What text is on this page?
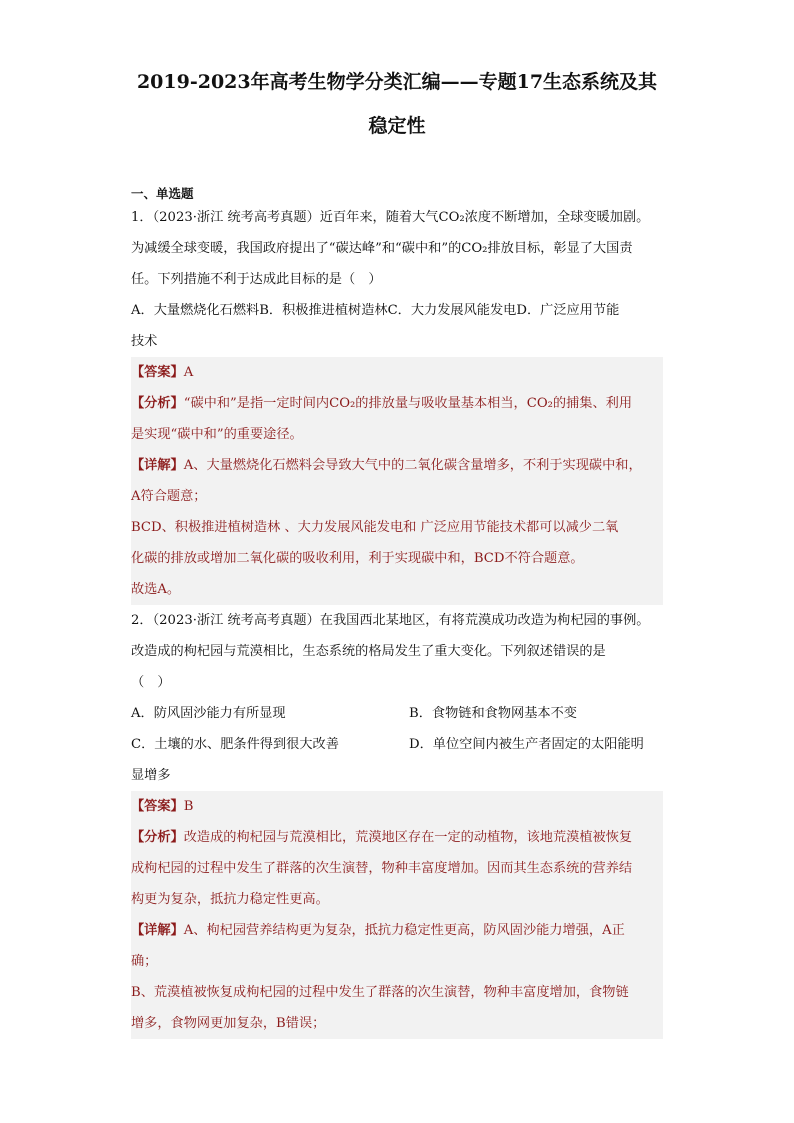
2019-2023年高考生物学分类汇编——专题17生态系统及其
稳定性
一、单选题
1．（2023·浙江 统考高考真题）近百年来，随着大气CO₂浓度不断增加，全球变暖加剧。
为减缓全球变暖，我国政府提出了“碳达峰”和“碳中和”的CO₂排放目标，彰显了大国责
任。下列措施不利于达成此目标的是（　）
A．大量燃烧化石燃料B．积极推进植树造林C．大力发展风能发电D．广泛应用节能
技术
【答案】A
【分析】“碳中和”是指一定时间内CO₂的排放量与吸收量基本相当，CO₂的捕集、利用
是实现“碳中和”的重要途径。
【详解】A、大量燃烧化石燃料会导致大气中的二氧化碳含量增多，不利于实现碳中和，
A符合题意；
BCD、积极推进植树造林 、大力发展风能发电和 广泛应用节能技术都可以减少二氧
化碳的排放或增加二氧化碳的吸收利用，利于实现碳中和，BCD不符合题意。
故选A。
2．（2023·浙江 统考高考真题）在我国西北某地区，有将荒漠成功改造为枸杞园的事例。
改造成的枸杞园与荒漠相比，生态系统的格局发生了重大变化。下列叙述错误的是
（　）
A．防风固沙能力有所显现	B．食物链和食物网基本不变
C．土壤的水、肥条件得到很大改善	D．单位空间内被生产者固定的太阳能明
显增多
【答案】B
【分析】改造成的枸杞园与荒漠相比，荒漠地区存在一定的动植物，该地荒漠植被恢复
成枸杞园的过程中发生了群落的次生演替，物种丰富度增加。因而其生态系统的营养结
构更为复杂，抵抗力稳定性更高。
【详解】A、枸杞园营养结构更为复杂，抵抗力稳定性更高，防风固沙能力增强，A正
确；
B、荒漠植被恢复成枸杞园的过程中发生了群落的次生演替，物种丰富度增加，食物链
增多，食物网更加复杂，B错误；
